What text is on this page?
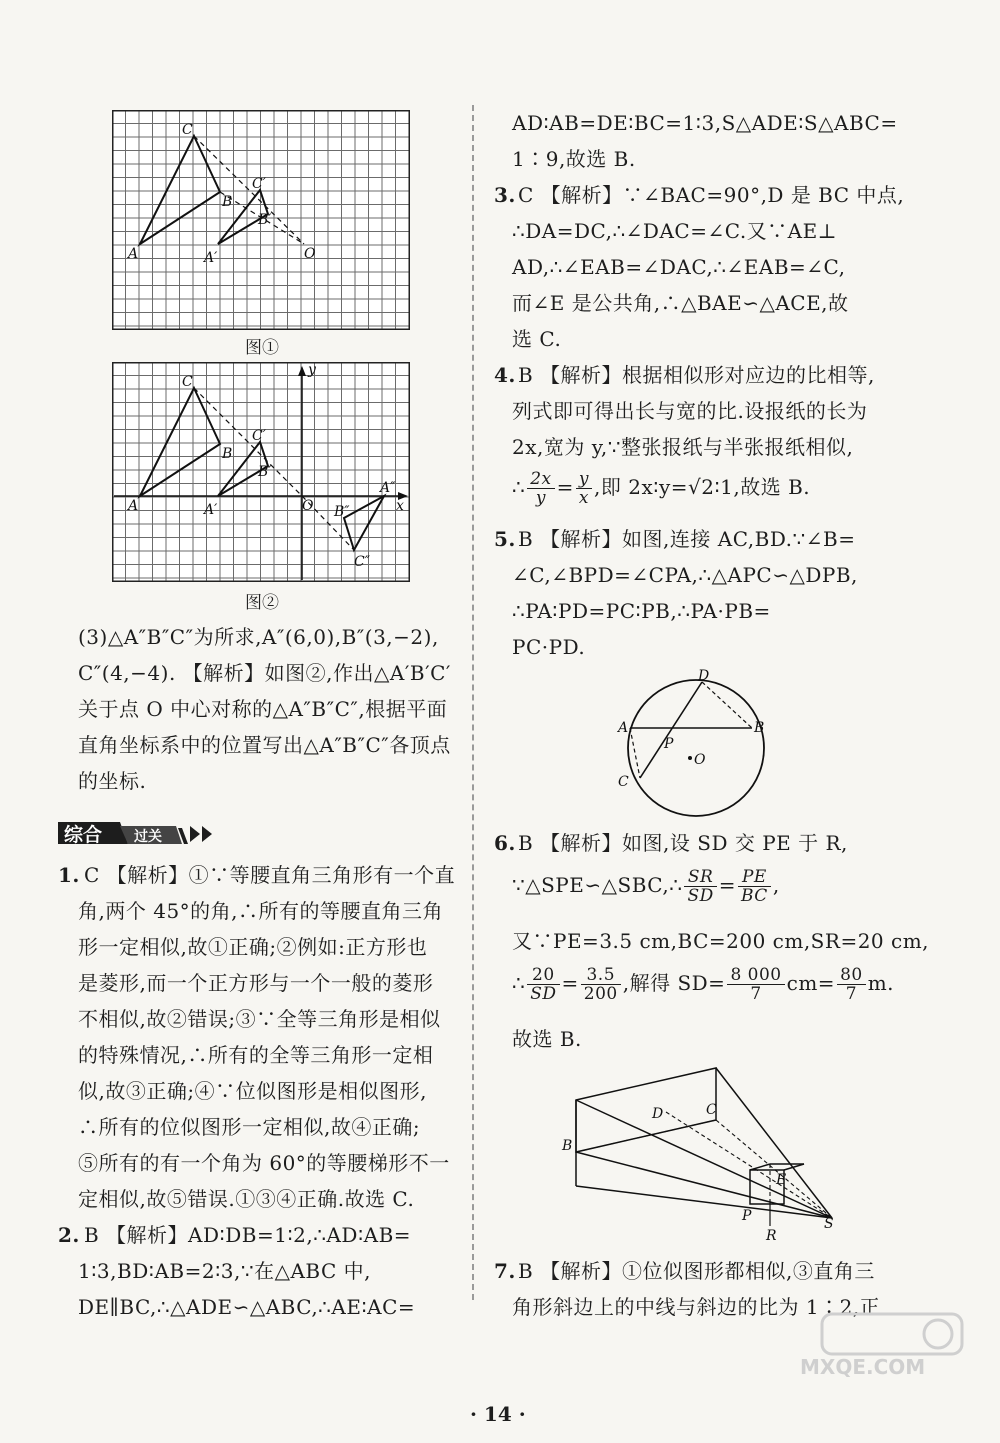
C
A
B
A′
B′
C′
O
图①
C
A
B
A′
B′
C′
O
y
x
A″
B″
C″
图②
(3)△A″B″C″为所求,A″(6,0),B″(3,−2),
C″(4,−4). 【解析】如图②,作出△A′B′C′
关于点 O 中心对称的△A″B″C″,根据平面
直角坐标系中的位置写出△A″B″C″各顶点
的坐标.
综合 过关
1. C 【解析】①∵等腰直角三角形有一个直
角,两个 45°的角,∴所有的等腰直角三角
形一定相似,故①正确;②例如:正方形也
是菱形,而一个正方形与一个一般的菱形
不相似,故②错误;③∵全等三角形是相似
的特殊情况,∴所有的全等三角形一定相
似,故③正确;④∵位似图形是相似图形,
∴所有的位似图形一定相似,故④正确;
⑤所有的有一个角为 60°的等腰梯形不一
定相似,故⑤错误.①③④正确.故选 C.
2. B 【解析】AD∶DB=1∶2,∴AD∶AB=
1∶3,BD∶AB=2∶3,∵在△ABC 中,
DE∥BC,∴△ADE∽△ABC,∴AE∶AC=
AD∶AB=DE∶BC=1∶3,S△ADE∶S△ABC=
1∶9,故选 B.
3. C 【解析】∵∠BAC=90°,D 是 BC 中点,
∴DA=DC,∴∠DAC=∠C.又∵AE⊥
AD,∴∠EAB=∠DAC,∴∠EAB=∠C,
而∠E 是公共角,∴△BAE∽△ACE,故
选 C.
4. B 【解析】根据相似形对应边的比相等,
列式即可得出长与宽的比.设报纸的长为
2x,宽为 y,∵整张报纸与半张报纸相似,
∴ $\frac{2x}{y} = \frac{y}{x}$ ,即 2x∶y=√2∶1,故选 B.
5. B 【解析】如图,连接 AC,BD.∵∠B=
∠C,∠BPD=∠CPA,∴△APC∽△DPB,
∴PA∶PD=PC∶PB,∴PA·PB=
PC·PD.
D
A	B
C
P
O
6. B 【解析】如图,设 SD 交 PE 于 R,
∵△SPE∽△SBC,∴ $\frac{SR}{SD} = \frac{PE}{BC}$ ,
又∵PE=3.5 cm,BC=200 cm,SR=20 cm,
∴ $\frac{20}{SD} = \frac{3.5}{200}$ ,解得 $SD= \frac{8 000}{7} cm= \frac{80}{7} m$.
故选 B.
B
C
D
E
P
R
S
7. B 【解析】①位似图形都相似,③直角三
角形斜边上的中线与斜边的比为 1∶2,正
· 14 ·
MXQE.COM
